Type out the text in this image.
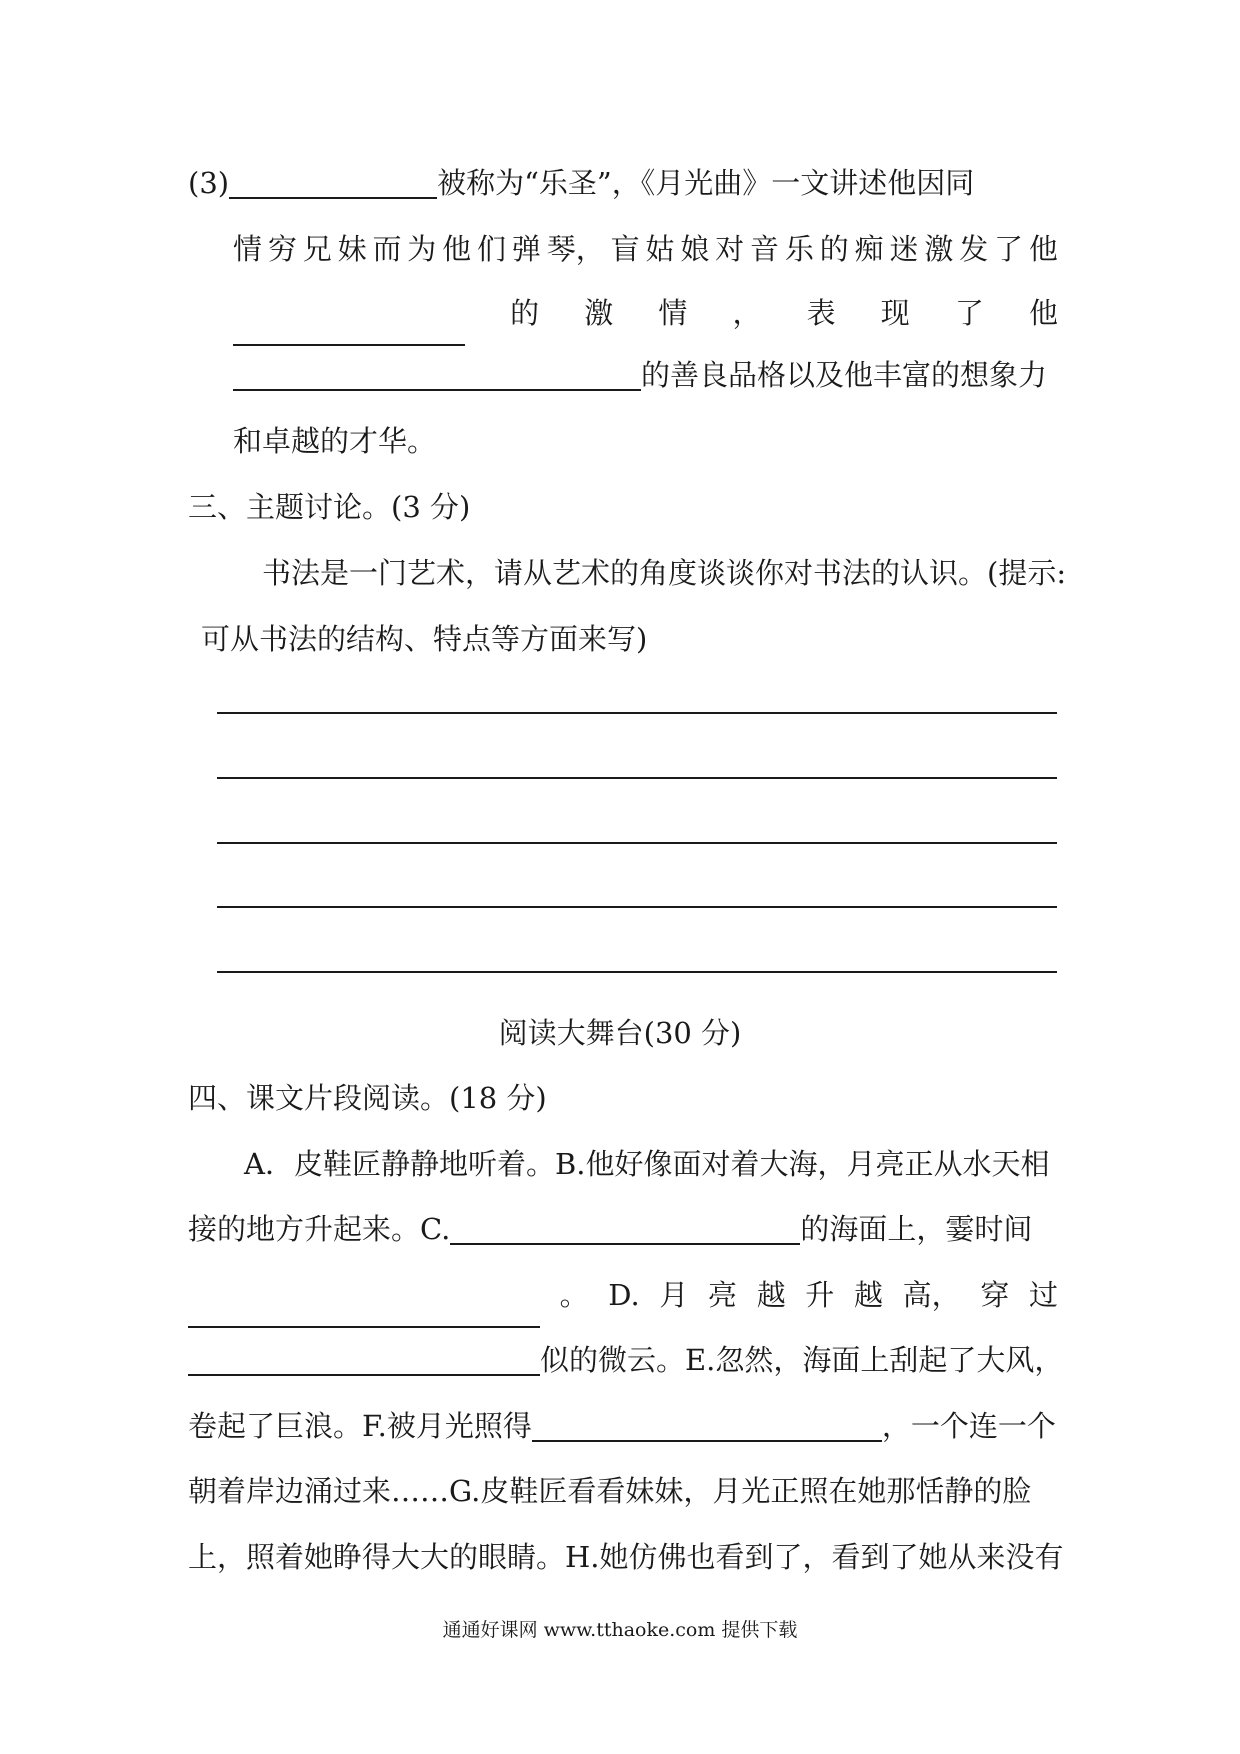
(3)	被称为“乐圣”，《月光曲》一文讲述他因同
情 穷 兄 妹 而 为 他 们 弹 琴， 盲 姑 娘 对 音 乐 的 痴 迷 激 发 了 他
的 激 情 ， 表 现 了 他
的善良品格以及他丰富的想象力
和卓越的才华。
三、主题讨论。(3 分)
书法是一门艺术，请从艺术的角度谈谈你对书法的认识。(提示:
可从书法的结构、特点等方面来写)
阅读大舞台(30 分)
四、课文片段阅读。(18 分)
A．皮鞋匠静静地听着。B.他好像面对着大海，月亮正从水天相
接的地方升起来。C.	的海面上，霎时间
。 D. 月 亮 越 升 越 高， 穿 过
似的微云。E.忽然，海面上刮起了大风，
卷起了巨浪。F.被月光照得	，一个连一个
朝着岸边涌过来……G.皮鞋匠看看妹妹，月光正照在她那恬静的脸
上，照着她睁得大大的眼睛。H.她仿佛也看到了，看到了她从来没有
通通好课网 www.tthaoke.com 提供下载
